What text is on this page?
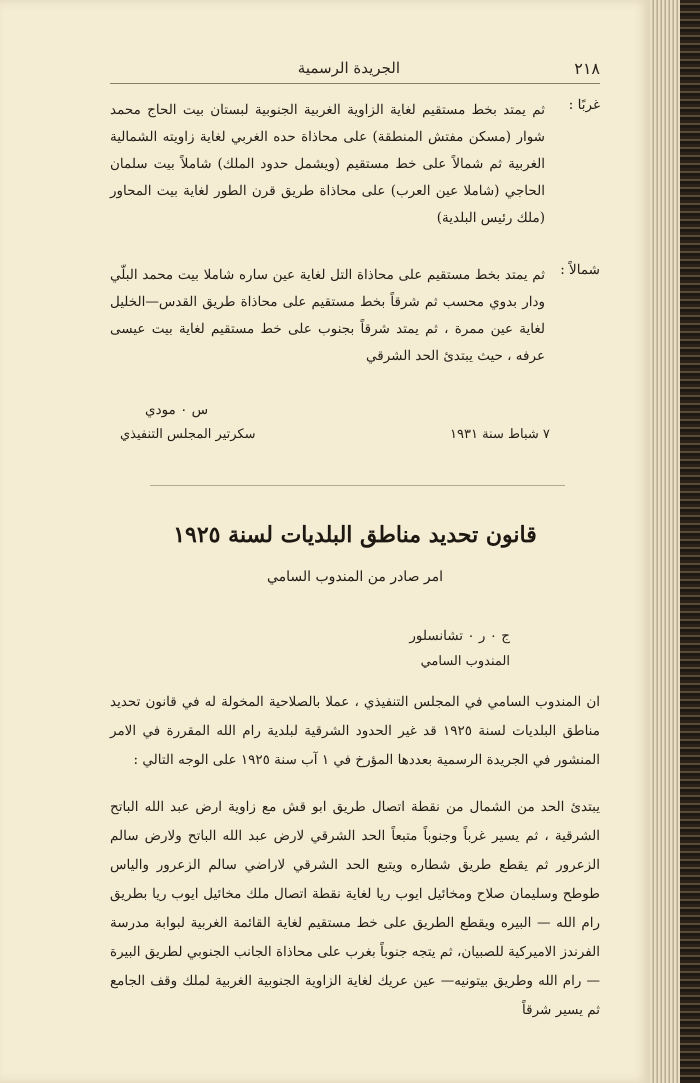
٢١٨
الجريدة الرسمية
غربًا :
ثم يمتد بخط مستقيم لغاية الزاوية الغربية الجنوبية لبستان بيت الحاج محمد شوار (مسكن مفتش المنطقة) على محاذاة حده الغربي لغاية زاويته الشمالية الغربية ثم شمالاً على خط مستقيم (ويشمل حدود الملك) شاملاً بيت سلمان الحاجي (شاملا عين العرب) على محاذاة طريق قرن الطور لغاية بيت المحاور (ملك رئيس البلدية)
شمالاً :
ثم يمتد بخط مستقيم على محاذاة التل لغاية عين ساره شاملا بيت محمد البلّي ودار بدوي محسب ثم شرقاً بخط مستقيم على محاذاة طريق القدس—الخليل لغاية عين ممرة ، ثم يمتد شرقاً بجنوب على خط مستقيم لغاية بيت عيسى عرفه ، حيث يبتدئ الحد الشرقي
س ٠ مودي
سكرتير المجلس التنفيذي	٧ شباط سنة ١٩٣١
قانون تحديد مناطق البلديات لسنة ١٩٢٥
امر صادر من المندوب السامي
ج ٠ ر ٠ تشانسلور
المندوب السامي
ان المندوب السامي في المجلس التنفيذي ، عملا بالصلاحية المخولة له في قانون تحديد مناطق البلديات لسنة ١٩٢٥ قد غير الحدود الشرقية لبلدية رام الله المقررة في الامر المنشور في الجريدة الرسمية بعددها المؤرخ في ١ آب سنة ١٩٢٥ على الوجه التالي :
يبتدئ الحد من الشمال من نقطة اتصال طريق ابو قش مع زاوية ارض عبد الله الباتح الشرقية ، ثم يسير غرباً وجنوباً متبعاً الحد الشرقي لارض عبد الله الباتح ولارض سالم الزعرور ثم يقطع طريق شطاره ويتبع الحد الشرقي لاراضي سالم الزعرور والياس طوطح وسليمان صلاح ومخائيل ايوب ريا لغاية نقطة اتصال ملك مخائيل ايوب ريا بطريق رام الله — البيره ويقطع الطريق على خط مستقيم لغاية القائمة الغربية لبوابة مدرسة الفرندز الاميركية للصبيان، ثم يتجه جنوباً بغرب على محاذاة الجانب الجنوبي لطريق البيرة— رام الله وطريق بيتونيه— عين عريك لغاية الزاوية الجنوبية الغربية لملك وقف الجامع ثم يسير شرقاً
